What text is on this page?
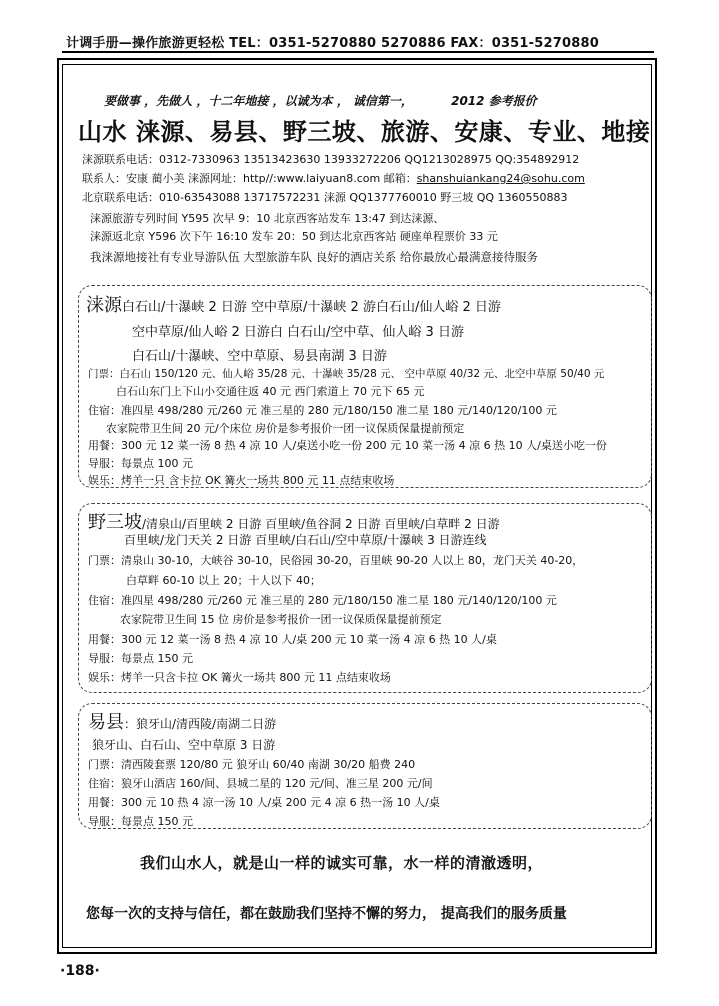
计调手册—操作旅游更轻松 TEL：0351-5270880 5270886 FAX：0351-5270880
要做事 ，先做人 ，十二年地接 ，以诚为本 ， 诚信第一，	2012 参考报价
山水 涞源、易县、野三坡、旅游、安康、专业、地接
涞源联系电话：0312-7330963 13513423630 13933272206 QQ1213028975 QQ:354892912
联系人：安康 蔺小美 涞源网址：http//:www.laiyuan8.com 邮箱：shanshuiankang24@sohu.com
北京联系电话：010-63543088 13717572231 涞源 QQ1377760010 野三坡 QQ 1360550883
涞源旅游专列时间 Y595 次早 9：10 北京西客站发车 13:47 到达涞源、
涞源返北京 Y596 次下午 16:10 发车 20：50 到达北京西客站 硬座单程票价 33 元
我涞源地接社有专业导游队伍 大型旅游车队 良好的酒店关系 给你最放心最满意接待服务
涞源白石山/十瀑峡 2 日游 空中草原/十瀑峡 2 游白石山/仙人峪 2 日游
空中草原/仙人峪 2 日游白 白石山/空中草、仙人峪 3 日游
白石山/十瀑峡、空中草原、易县南湖 3 日游
门票：白石山 150/120 元、仙人峪 35/28 元、十瀑峡 35/28 元、 空中草原 40/32 元、北空中草原 50/40 元
白石山东门上下山小交通往返 40 元 西门索道上 70 元下 65 元
住宿：准四星 498/280 元/260 元 准三星的 280 元/180/150 准二星 180 元/140/120/100 元
农家院带卫生间 20 元/个床位 房价是参考报价一团一议保质保量提前预定
用餐：300 元 12 菜一汤 8 热 4 凉 10 人/桌送小吃一份 200 元 10 菜一汤 4 凉 6 热 10 人/桌送小吃一份
导服：每景点 100 元
娱乐：烤羊一只 含卡拉 OK 篝火一场共 800 元 11 点结束收场
野三坡/清泉山/百里峡 2 日游 百里峡/鱼谷洞 2 日游 百里峡/白草畔 2 日游
百里峡/龙门天关 2 日游 百里峡/白石山/空中草原/十瀑峡 3 日游连线
门票：清泉山 30-10，大峡谷 30-10，民俗园 30-20，百里峡 90-20 人以上 80，龙门天关 40-20，
白草畔 60-10 以上 20；十人以下 40；
住宿：准四星 498/280 元/260 元 准三星的 280 元/180/150 准二星 180 元/140/120/100 元
农家院带卫生间 15 位 房价是参考报价一团一议保质保量提前预定
用餐：300 元 12 菜一汤 8 热 4 凉 10 人/桌 200 元 10 菜一汤 4 凉 6 热 10 人/桌
导服：每景点 150 元
娱乐：烤羊一只含卡拉 OK 篝火一场共 800 元 11 点结束收场
易县：狼牙山/清西陵/南湖二日游
狼牙山、白石山、空中草原 3 日游
门票：清西陵套票 120/80 元 狼牙山 60/40 南湖 30/20 船费 240
住宿：狼牙山酒店 160/间、县城二星的 120 元/间、准三星 200 元/间
用餐：300 元 10 热 4 凉一汤 10 人/桌 200 元 4 凉 6 热一汤 10 人/桌
导服：每景点 150 元
我们山水人，就是山一样的诚实可靠，水一样的清澈透明，
您每一次的支持与信任，都在鼓励我们坚持不懈的努力， 提高我们的服务质量
·188·
